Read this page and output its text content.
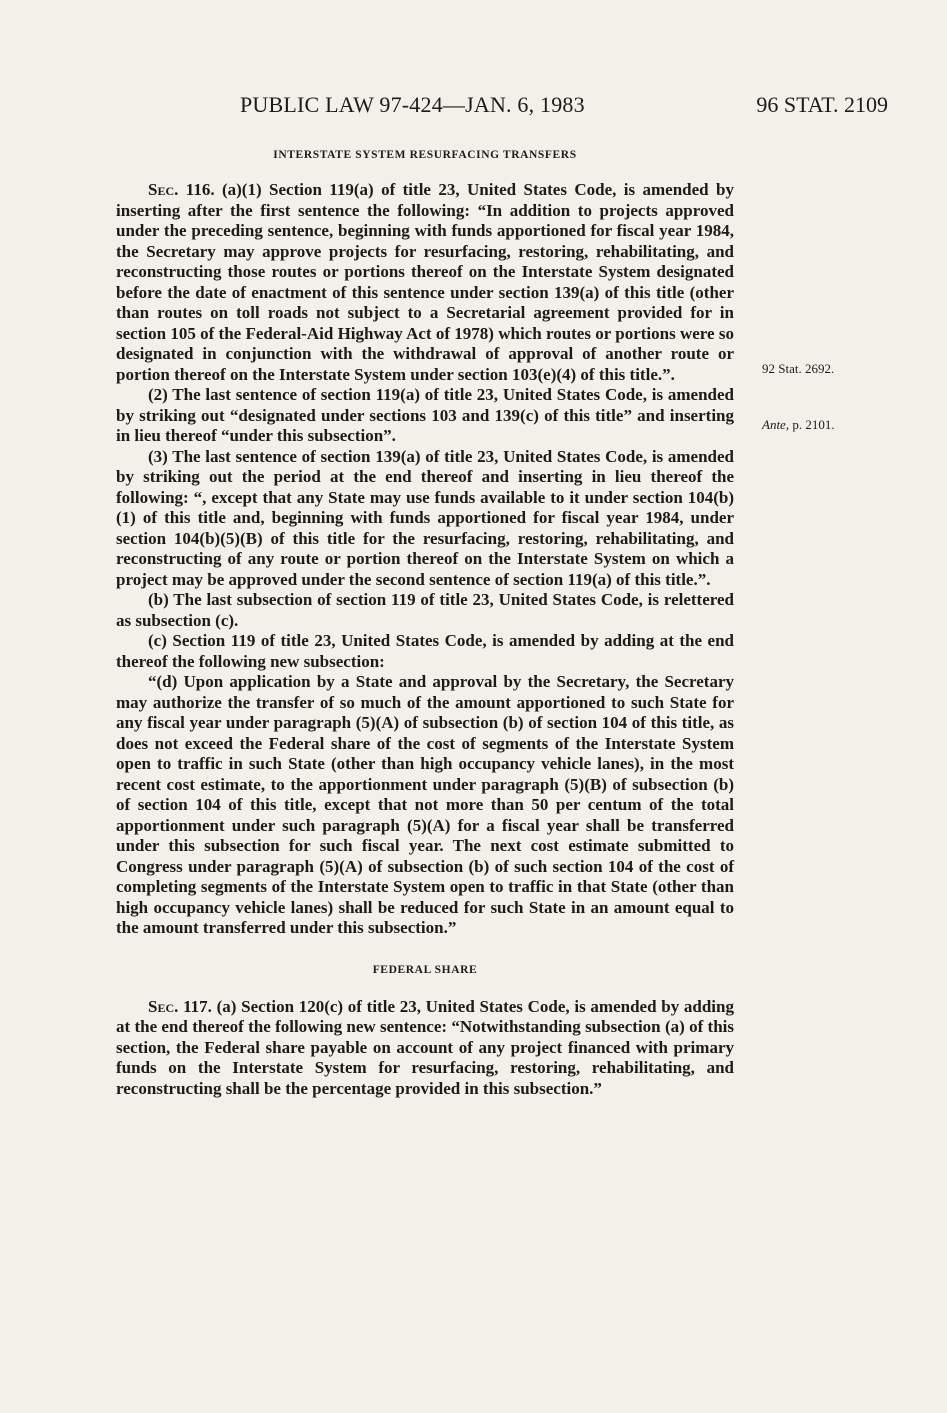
PUBLIC LAW 97-424—JAN. 6, 1983	96 STAT. 2109
INTERSTATE SYSTEM RESURFACING TRANSFERS

Sec. 116. (a)(1) Section 119(a) of title 23, United States Code, is amended by inserting after the first sentence the following: “In addition to projects approved under the preceding sentence, beginning with funds apportioned for fiscal year 1984, the Secretary may approve projects for resurfacing, restoring, rehabilitating, and reconstructing those routes or portions thereof on the Interstate System designated before the date of enactment of this sentence under section 139(a) of this title (other than routes on toll roads not subject to a Secretarial agreement provided for in section 105 of the Federal-Aid Highway Act of 1978) which routes or portions were so designated in conjunction with the withdrawal of approval of another route or portion thereof on the Interstate System under section 103(e)(4) of this title.”.

(2) The last sentence of section 119(a) of title 23, United States Code, is amended by striking out “designated under sections 103 and 139(c) of this title” and inserting in lieu thereof “under this subsection”.

(3) The last sentence of section 139(a) of title 23, United States Code, is amended by striking out the period at the end thereof and inserting in lieu thereof the following: “, except that any State may use funds available to it under section 104(b)(1) of this title and, beginning with funds apportioned for fiscal year 1984, under section 104(b)(5)(B) of this title for the resurfacing, restoring, rehabilitating, and reconstructing of any route or portion thereof on the Interstate System on which a project may be approved under the second sentence of section 119(a) of this title.”.

(b) The last subsection of section 119 of title 23, United States Code, is relettered as subsection (c).

(c) Section 119 of title 23, United States Code, is amended by adding at the end thereof the following new subsection:

“(d) Upon application by a State and approval by the Secretary, the Secretary may authorize the transfer of so much of the amount apportioned to such State for any fiscal year under paragraph (5)(A) of subsection (b) of section 104 of this title, as does not exceed the Federal share of the cost of segments of the Interstate System open to traffic in such State (other than high occupancy vehicle lanes), in the most recent cost estimate, to the apportionment under paragraph (5)(B) of subsection (b) of section 104 of this title, except that not more than 50 per centum of the total apportionment under such paragraph (5)(A) for a fiscal year shall be transferred under this subsection for such fiscal year. The next cost estimate submitted to Congress under paragraph (5)(A) of subsection (b) of such section 104 of the cost of completing segments of the Interstate System open to traffic in that State (other than high occupancy vehicle lanes) shall be reduced for such State in an amount equal to the amount transferred under this subsection.”

FEDERAL SHARE

Sec. 117. (a) Section 120(c) of title 23, United States Code, is amended by adding at the end thereof the following new sentence: “Notwithstanding subsection (a) of this section, the Federal share payable on account of any project financed with primary funds on the Interstate System for resurfacing, restoring, rehabilitating, and reconstructing shall be the percentage provided in this subsection.”

92 Stat. 2692.
Ante, p. 2101.
